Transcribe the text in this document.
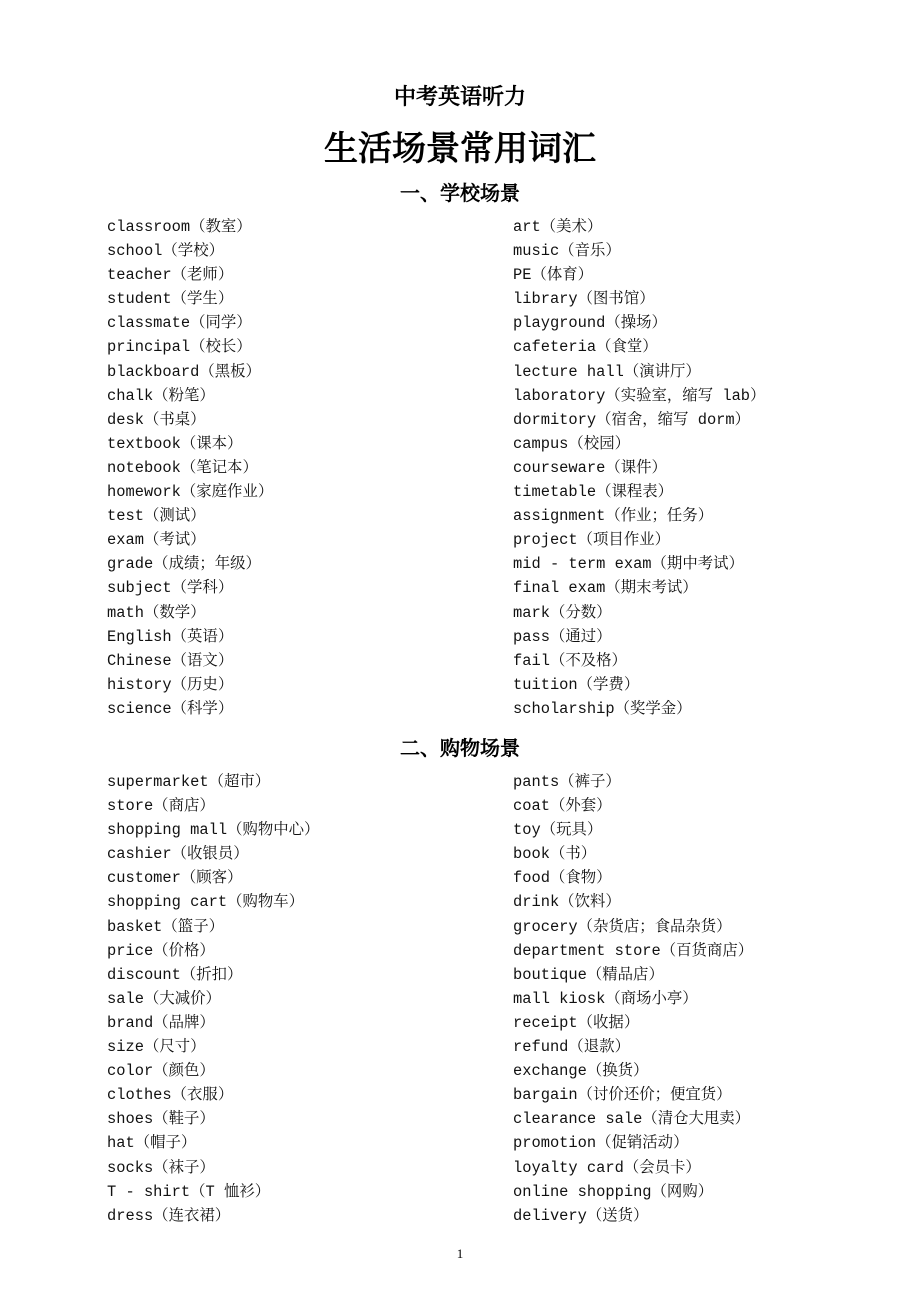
中考英语听力
生活场景常用词汇
一、学校场景
classroom（教室）
school（学校）
teacher（老师）
student（学生）
classmate（同学）
principal（校长）
blackboard（黑板）
chalk（粉笔）
desk（书桌）
textbook（课本）
notebook（笔记本）
homework（家庭作业）
test（测试）
exam（考试）
grade（成绩；年级）
subject（学科）
math（数学）
English（英语）
Chinese（语文）
history（历史）
science（科学）
art（美术）
music（音乐）
PE（体育）
library（图书馆）
playground（操场）
cafeteria（食堂）
lecture hall（演讲厅）
laboratory（实验室，缩写 lab）
dormitory（宿舍，缩写 dorm）
campus（校园）
courseware（课件）
timetable（课程表）
assignment（作业；任务）
project（项目作业）
mid - term exam（期中考试）
final exam（期末考试）
mark（分数）
pass（通过）
fail（不及格）
tuition（学费）
scholarship（奖学金）
二、购物场景
supermarket（超市）
store（商店）
shopping mall（购物中心）
cashier（收银员）
customer（顾客）
shopping cart（购物车）
basket（篮子）
price（价格）
discount（折扣）
sale（大减价）
brand（品牌）
size（尺寸）
color（颜色）
clothes（衣服）
shoes（鞋子）
hat（帽子）
socks（袜子）
T - shirt（T 恤衫）
dress（连衣裙）
pants（裤子）
coat（外套）
toy（玩具）
book（书）
food（食物）
drink（饮料）
grocery（杂货店；食品杂货）
department store（百货商店）
boutique（精品店）
mall kiosk（商场小亭）
receipt（收据）
refund（退款）
exchange（换货）
bargain（讨价还价；便宜货）
clearance sale（清仓大甩卖）
promotion（促销活动）
loyalty card（会员卡）
online shopping（网购）
delivery（送货）
1
